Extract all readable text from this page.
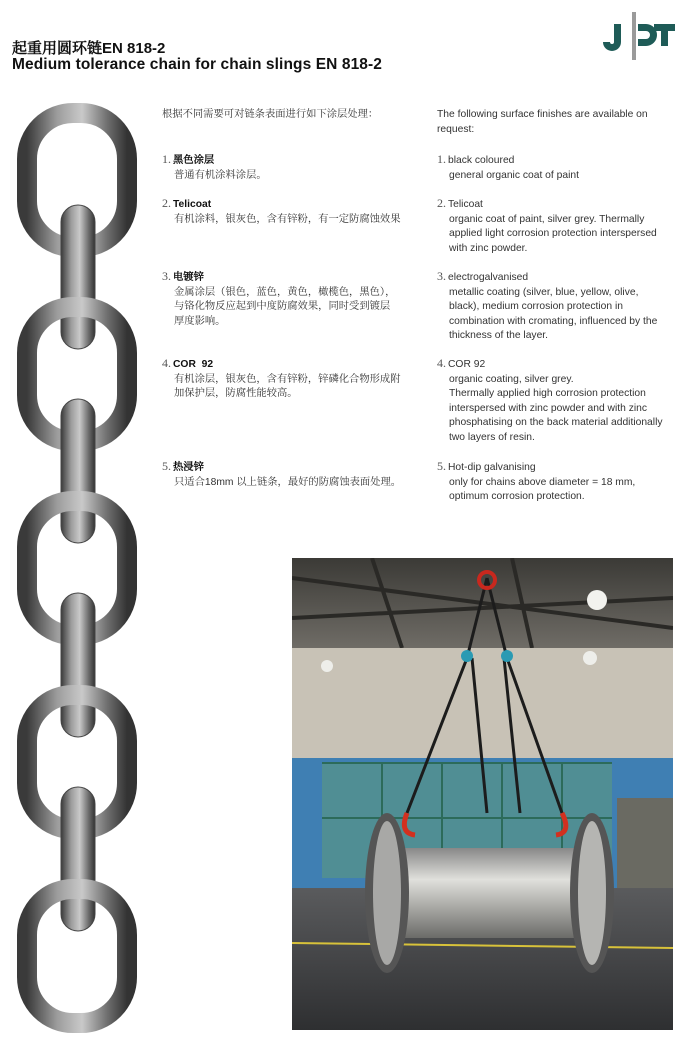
起重用圆环链EN 818-2
Medium tolerance chain for chain slings EN 818-2
根据不同需要可对链条表面进行如下涂层处理：
1. 黑色涂层
普通有机涂料涂层。
2. Telicoat
有机涂料，银灰色，含有锌粉，有一定防腐蚀效果
3. 电镀锌
金属涂层（银色，蓝色，黄色，橄榄色，黑色），
与铬化物反应起到中度防腐效果，同时受到镀层
厚度影响。
4. COR  92
有机涂层，银灰色，含有锌粉，锌磷化合物形成附
加保护层，防腐性能较高。
5. 热浸锌
只适合18mm 以上链条，最好的防腐蚀表面处理。
The following surface finishes are available on
request:
1. black coloured
general organic coat of paint
2. Telicoat
organic coat of paint, silver grey. Thermally
applied light corrosion protection interspersed
with zinc powder.
3. electrogalvanised
metallic coating (silver, blue, yellow, olive,
black), medium corrosion protection in
combination with cromating, influenced by the
thickness of the layer.
4. COR 92
organic coating, silver grey.
Thermally applied high corrosion protection
interspersed with zinc powder and with zinc
phosphatising on the back material additionally
two layers of resin.
5. Hot-dip galvanising
only for chains above diameter = 18 mm,
optimum corrosion protection.
